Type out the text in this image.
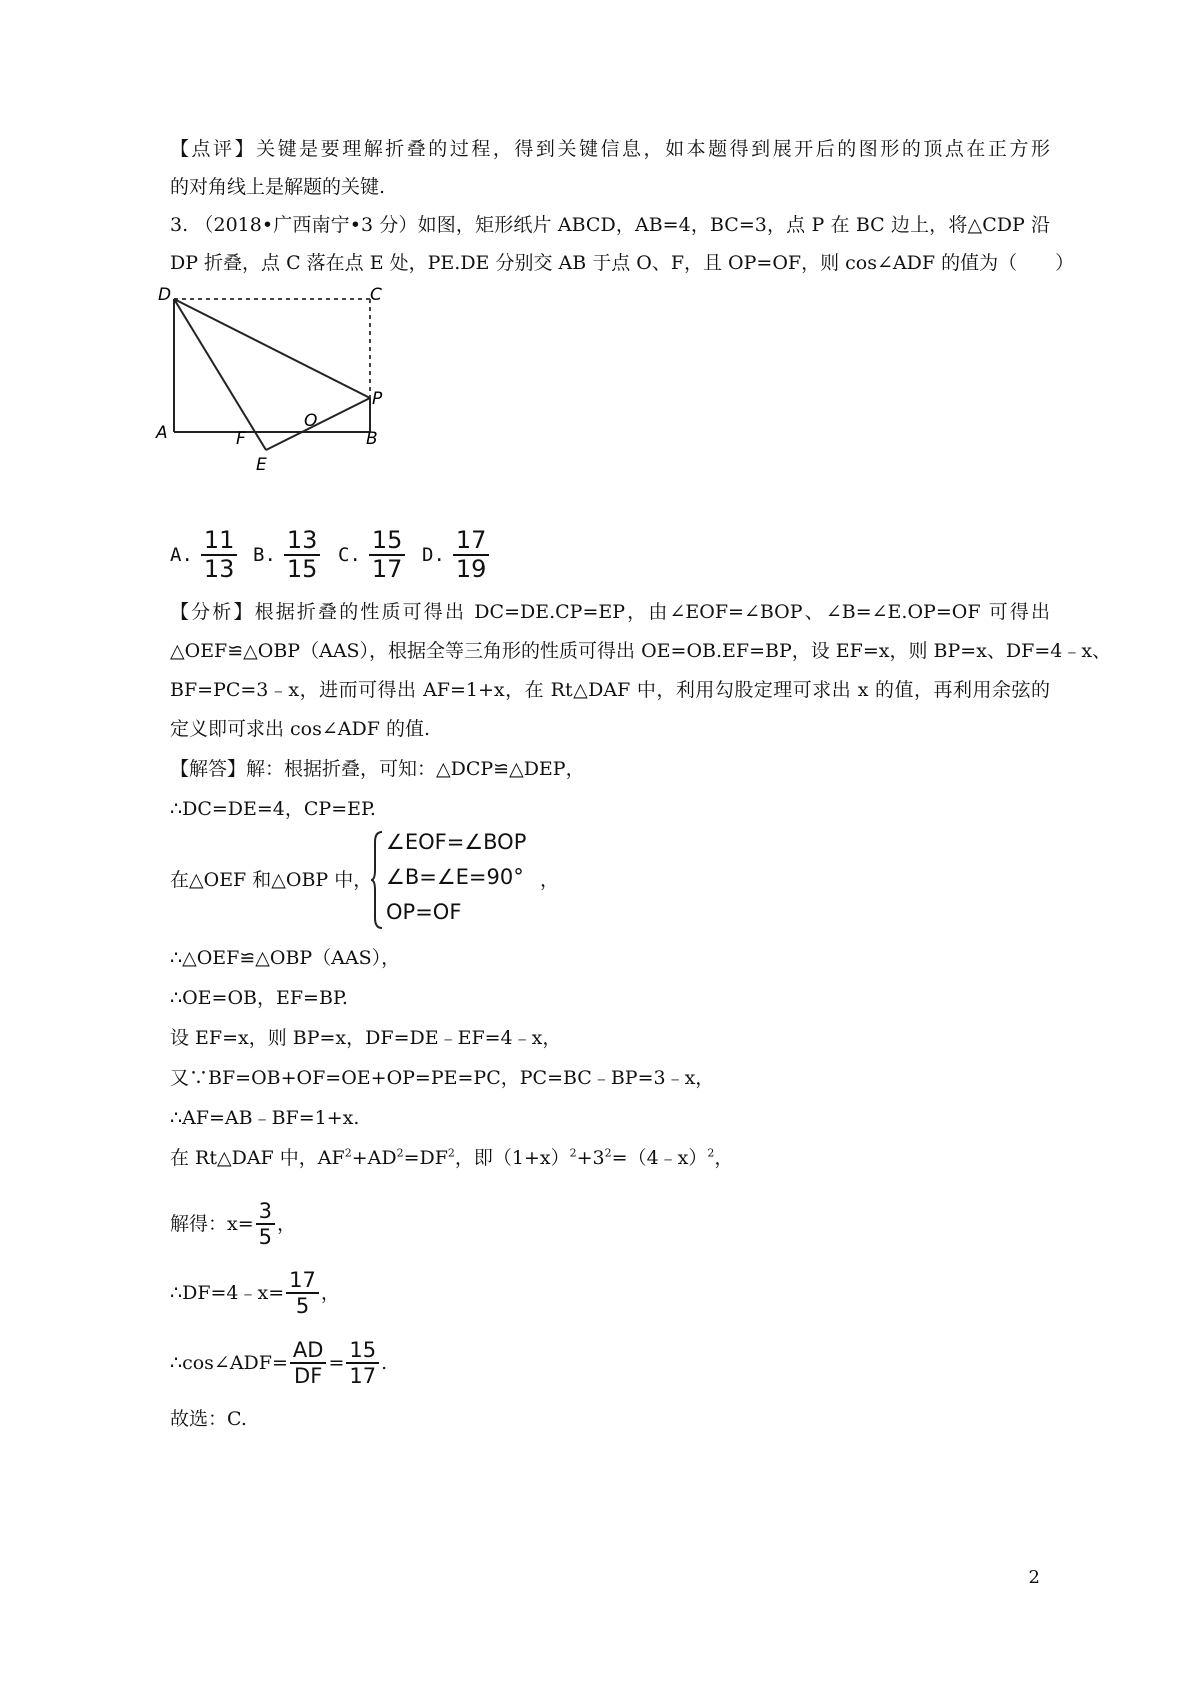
【点评】关键是要理解折叠的过程，得到关键信息，如本题得到展开后的图形的顶点在正方形
的对角线上是解题的关键.
3. （2018•广西南宁•3 分）如图，矩形纸片 ABCD，AB=4，BC=3，点 P 在 BC 边上，将△CDP 沿
DP 折叠，点 C 落在点 E 处，PE.DE 分别交 AB 于点 O、F，且 OP=OF，则 cos∠ADF 的值为（　　）
D	C
P
A	F
O
B
E
A. $\frac{11}{13} B$. $\frac{13}{15} C$. $\frac{15}{17} D$. $\frac{17}{19}$
【分析】根据折叠的性质可得出 DC=DE.CP=EP，由∠EOF=∠BOP、∠B=∠E.OP=OF 可得出
△OEF≌△OBP（AAS），根据全等三角形的性质可得出 OE=OB.EF=BP，设 EF=x，则 BP=x、DF=4﹣x、
BF=PC=3﹣x，进而可得出 AF=1+x，在 Rt△DAF 中，利用勾股定理可求出 x 的值，再利用余弦的
定义即可求出 cos∠ADF 的值.
【解答】解：根据折叠，可知：△DCP≌△DEP，
∴DC=DE=4，CP=EP.
在△OEF 和△OBP 中，
∠EOF=∠BOP
∠B=∠E=90°
OP=OF
，
∴△OEF≌△OBP（AAS），
∴OE=OB，EF=BP.
设 EF=x，则 BP=x，DF=DE﹣EF=4﹣x，
又∵BF=OB+OF=OE+OP=PE=PC，PC=BC﹣BP=3﹣x，
∴AF=AB﹣BF=1+x.
在 Rt△DAF 中，$AF^2+AD^2=DF^2$，即$(1+x)^2+3^2=(4﹣x)^2$，
解得：$x= \frac{3}{5}$ ，
∴DF=4﹣x= $\frac{17}{5}$ ，
∴cos∠ADF= $\frac{AD}{DF} = \frac{15}{17}$ .
故选：C.
2
